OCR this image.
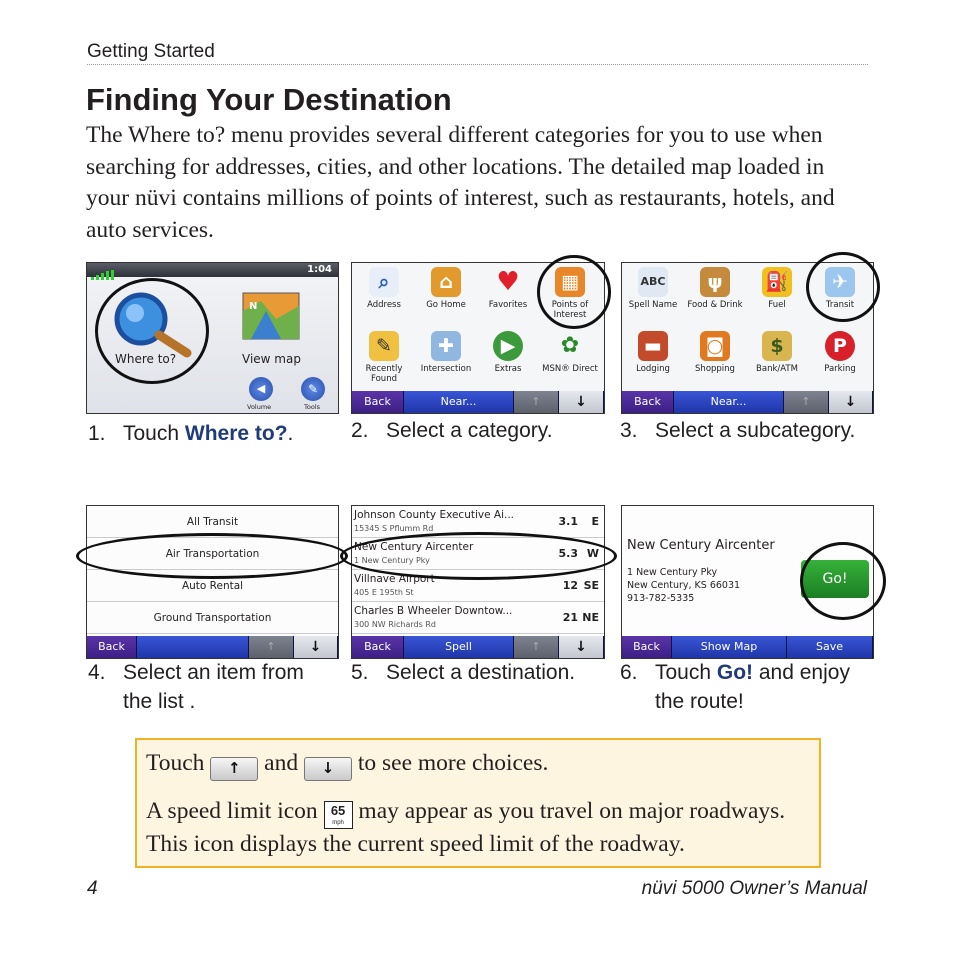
Getting Started
Finding Your Destination
The Where to? menu provides several different categories for you to use when searching for addresses, cities, and other locations. The detailed map loaded in your nüvi contains millions of points of interest, such as restaurants, hotels, and auto services.
1:04
Where to?
N
View map
◀
Volume
✎
Tools
⌕
Address
⌂
Go Home
♥
Favorites
▦
Points of Interest
✎
Recently Found
✚
Intersection
▶
Extras
✿
MSN® Direct
Back	Near...	↑	↓
ABC
Spell Name
ψ
Food & Drink
⛽
Fuel
✈
Transit
▬
Lodging
◙
Shopping
$
Bank/ATM
P
Parking
Back	Near...	↑	↓
1. Touch Where to?.	2. Select a category.	3. Select a subcategory.
All Transit
Air Transportation
Auto Rental
Ground Transportation
Back	↑	↓
Johnson County Executive Ai...
15345 S Pflumm Rd
3.1 E
New Century Aircenter
1 New Century Pky
5.3 W
Villnave Airport
405 E 195th St
12 SE
Charles B Wheeler Downtow...
300 NW Richards Rd
21 NE
Back	Spell	↑	↓
New Century Aircenter
1 New Century Pky
New Century, KS 66031
913-782-5335
Go!
Back	Show Map	Save
4. Select an item from the list .
5. Select a destination.	6. Touch Go! and enjoy the route!
Touch ↑ and ↓ to see more choices.
A speed limit icon	65
mph may appear as you travel on major roadways. This icon displays the current speed limit of the roadway.
4	nüvi 5000 Owner’s Manual
